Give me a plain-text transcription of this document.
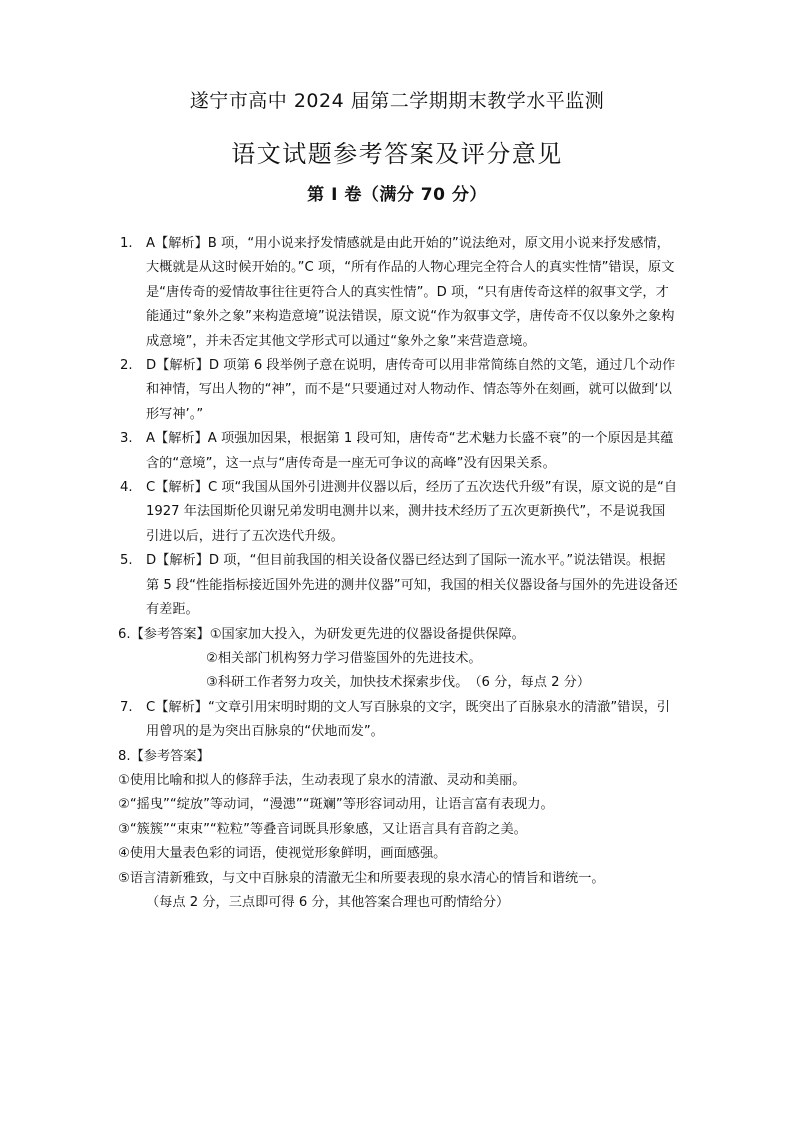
遂宁市高中 2024 届第二学期期末教学水平监测
语文试题参考答案及评分意见
第 Ⅰ 卷（满分 70 分）
1. A【解析】B 项，“用小说来抒发情感就是由此开始的”说法绝对，原文用小说来抒发感情，大概就是从这时候开始的。”C 项，“所有作品的人物心理完全符合人的真实性情”错误，原文是“唐传奇的爱情故事往往更符合人的真实性情”。D 项，“只有唐传奇这样的叙事文学，才能通过“象外之象”来构造意境”说法错误，原文说“作为叙事文学，唐传奇不仅以象外之象构成意境”，并未否定其他文学形式可以通过“象外之象”来营造意境。
2. D【解析】D 项第 6 段举例子意在说明，唐传奇可以用非常简练自然的文笔，通过几个动作和神情，写出人物的“神”，而不是“只要通过对人物动作、情态等外在刻画，就可以做到‘以形写神’。”
3. A【解析】A 项强加因果，根据第 1 段可知，唐传奇“艺术魅力长盛不衰”的一个原因是其蕴含的“意境”，这一点与“唐传奇是一座无可争议的高峰”没有因果关系。
4. C【解析】C 项“我国从国外引进测井仪器以后，经历了五次迭代升级”有误，原文说的是“自 1927 年法国斯伦贝谢兄弟发明电测井以来，测井技术经历了五次更新换代”，不是说我国引进以后，进行了五次迭代升级。
5. D【解析】D 项，“但目前我国的相关设备仪器已经达到了国际一流水平。”说法错误。根据第 5 段“性能指标接近国外先进的测井仪器”可知，我国的相关仪器设备与国外的先进设备还有差距。
6.【参考答案】①国家加大投入，为研发更先进的仪器设备提供保障。
②相关部门机构努力学习借鉴国外的先进技术。
③科研工作者努力攻关，加快技术探索步伐。　（6 分，每点 2 分）
7. C【解析】“文章引用宋明时期的文人写百脉泉的文字，既突出了百脉泉水的清澈”错误，引用曾巩的是为突出百脉泉的“伏地而发”。
8.【参考答案】
①使用比喻和拟人的修辞手法，生动表现了泉水的清澈、灵动和美丽。
②“摇曳”“绽放”等动词，“漫漶”“斑斓”等形容词动用，让语言富有表现力。
③“簇簇”“束束”“粒粒”等叠音词既具形象感，又让语言具有音韵之美。
④使用大量表色彩的词语，使视觉形象鲜明，画面感强。
⑤语言清新雅致，与文中百脉泉的清澈无尘和所要表现的泉水清心的情旨和谐统一。
（每点 2 分，三点即可得 6 分，其他答案合理也可酌情给分）
